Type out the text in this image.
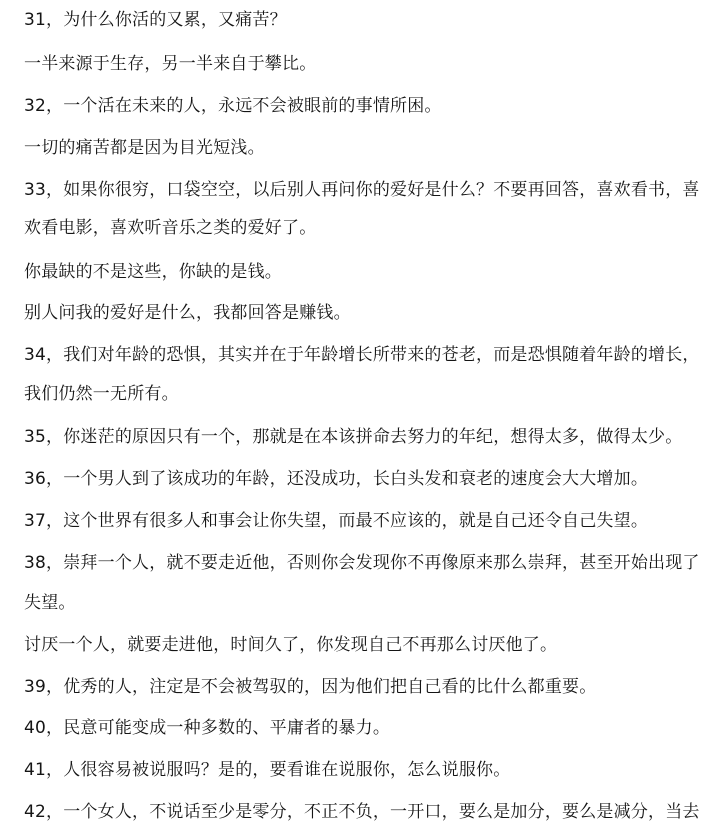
31，为什么你活的又累，又痛苦？
一半来源于生存，另一半来自于攀比。
32，一个活在未来的人，永远不会被眼前的事情所困。
一切的痛苦都是因为目光短浅。
33，如果你很穷，口袋空空，以后别人再问你的爱好是什么？不要再回答，喜欢看书，喜
欢看电影，喜欢听音乐之类的爱好了。
你最缺的不是这些，你缺的是钱。
别人问我的爱好是什么，我都回答是赚钱。
34，我们对年龄的恐惧，其实并在于年龄增长所带来的苍老，而是恐惧随着年龄的增长，
我们仍然一无所有。
35，你迷茫的原因只有一个，那就是在本该拼命去努力的年纪，想得太多，做得太少。
36，一个男人到了该成功的年龄，还没成功，长白头发和衰老的速度会大大增加。
37，这个世界有很多人和事会让你失望，而最不应该的，就是自己还令自己失望。
38，崇拜一个人，就不要走近他，否则你会发现你不再像原来那么崇拜，甚至开始出现了
失望。
讨厌一个人，就要走进他，时间久了，你发现自己不再那么讨厌他了。
39，优秀的人，注定是不会被驾驭的，因为他们把自己看的比什么都重要。
40，民意可能变成一种多数的、平庸者的暴力。
41，人很容易被说服吗？是的，要看谁在说服你，怎么说服你。
42，一个女人，不说话至少是零分，不正不负，一开口，要么是加分，要么是减分，当去
